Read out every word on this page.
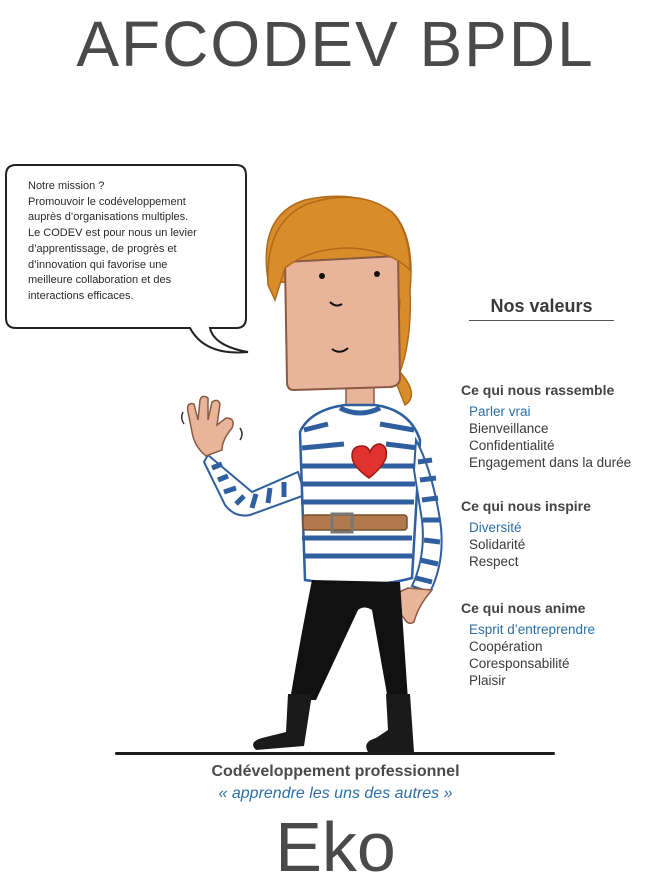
AFCODEV BPDL
Notre mission ?
Promouvoir le codéveloppement
auprès d’organisations multiples.
Le CODEV est pour nous un levier
d’apprentissage, de progrès et
d’innovation qui favorise une
meilleure collaboration et des
interactions efficaces.
Nos valeurs
Ce qui nous rassemble
Parler vrai
Bienveillance
Confidentialité
Engagement dans la durée
Ce qui nous inspire
Diversité
Solidarité
Respect
Ce qui nous anime
Esprit d’entreprendre
Coopération
Coresponsabilité
Plaisir
Codéveloppement professionnel
« apprendre les uns des autres »
Eko
